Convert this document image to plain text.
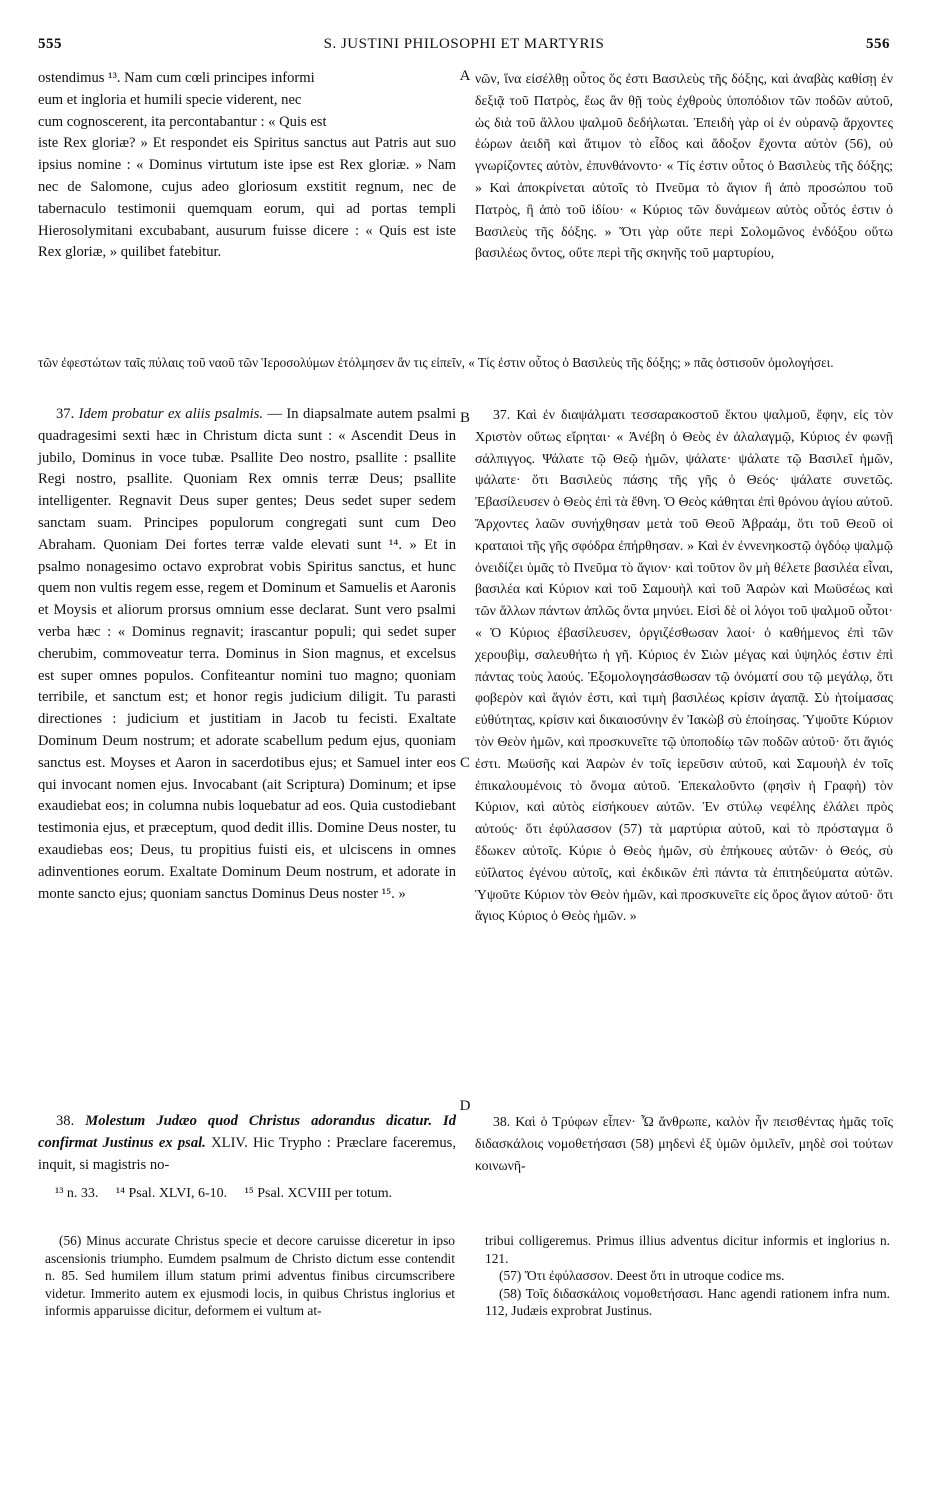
555	S. JUSTINI PHILOSOPHI ET MARTYRIS	556
ostendimus ¹³. Nam cum cœli principes informi
eum et ingloria et humili specie viderent, nec
cum cognoscerent, ita percontabantur : « Quis est

iste Rex gloriæ? » Et respondet eis Spiritus sanctus aut Patris aut suo ipsius nomine : « Dominus virtutum iste ipse est Rex gloriæ. » Nam nec de Salomone, cujus adeo gloriosum exstitit regnum, nec de tabernaculo testimonii quemquam eorum, qui ad portas templi Hierosolymitani excubabant, ausurum fuisse dicere : « Quis est iste Rex gloriæ, » quilibet fatebitur.

νῶν, ἵνα εἰσέλθῃ οὗτος ὅς ἐστι Βασιλεὺς τῆς δόξης, καὶ ἀναβὰς καθίσῃ ἐν δεξιᾷ τοῦ Πατρὸς, ἕως ἂν θῇ τοὺς ἐχθροὺς ὑποπόδιον τῶν ποδῶν αὐτοῦ, ὡς διὰ τοῦ ἄλλου ψαλμοῦ δεδήλωται. Ἐπειδὴ γὰρ οἱ ἐν οὐρανῷ ἄρχοντες ἑώρων ἀειδῆ καὶ ἄτιμον τὸ εἶδος καὶ ἄδοξον ἔχοντα αὐτὸν (56), οὐ γνωρίζοντες αὐτὸν, ἐπυνθάνοντο· « Τίς ἐστιν οὗτος ὁ Βασιλεὺς τῆς δόξης; » Καὶ ἀποκρίνεται αὐτοῖς τὸ Πνεῦμα τὸ ἅγιον ἢ ἀπὸ προσώπου τοῦ Πατρὸς, ἢ ἀπὸ τοῦ ἰδίου· « Κύριος τῶν δυνάμεων αὐτὸς οὗτός ἐστιν ὁ Βασιλεὺς τῆς δόξης. » Ὅτι γὰρ οὔτε περὶ Σολομῶνος ἐνδόξου οὕτω βασιλέως ὄντος, οὔτε περὶ τῆς σκηνῆς τοῦ μαρτυρίου,

A
τῶν ἐφεστώτων ταῖς πύλαις τοῦ ναοῦ τῶν Ἱεροσολύμων ἐτόλμησεν ἄν τις εἰπεῖν, « Τίς ἐστιν οὗτος ὁ Βασιλεὺς τῆς δόξης; » πᾶς ὁστισοῦν ὁμολογήσει.

37. Idem probatur ex aliis psalmis. — In diapsalmate autem psalmi quadragesimi sexti hæc in Christum dicta sunt : « Ascendit Deus in jubilo, Dominus in voce tubæ. Psallite Deo nostro, psallite : psallite Regi nostro, psallite. Quoniam Rex omnis terræ Deus; psallite intelligenter. Regnavit Deus super gentes; Deus sedet super sedem sanctam suam. Principes populorum congregati sunt cum Deo Abraham. Quoniam Dei fortes terræ valde elevati sunt ¹⁴. » Et in psalmo nonagesimo octavo exprobrat vobis Spiritus sanctus, et hunc quem non vultis regem esse, regem et Dominum et Samuelis et Aaronis et Moysis et aliorum prorsus omnium esse declarat. Sunt vero psalmi verba hæc : « Dominus regnavit; irascantur populi; qui sedet super cherubim, commoveatur terra. Dominus in Sion magnus, et excelsus est super omnes populos. Confiteantur nomini tuo magno; quoniam terribile, et sanctum est; et honor regis judicium diligit. Tu parasti directiones : judicium et justitiam in Jacob tu fecisti. Exaltate Dominum Deum nostrum; et adorate scabellum pedum ejus, quoniam sanctus est. Moyses et Aaron in sacerdotibus ejus; et Samuel inter eos qui invocant nomen ejus. Invocabant (ait Scriptura) Dominum; et ipse exaudiebat eos; in columna nubis loquebatur ad eos. Quia custodiebant testimonia ejus, et præceptum, quod dedit illis. Domine Deus noster, tu exaudiebas eos; Deus, tu propitius fuisti eis, et ulciscens in omnes adinventiones eorum. Exaltate Dominum Deum nostrum, et adorate in monte sancto ejus; quoniam sanctus Dominus Deus noster ¹⁵. »

37. Καὶ ἐν διαψάλματι τεσσαρακοστοῦ ἕκτου ψαλμοῦ, ἔφην, εἰς τὸν Χριστὸν οὕτως εἴρηται· « Ἀνέβη ὁ Θεὸς ἐν ἀλαλαγμῷ, Κύριος ἐν φωνῇ σάλπιγγος. Ψάλατε τῷ Θεῷ ἡμῶν, ψάλατε· ψάλατε τῷ Βασιλεῖ ἡμῶν, ψάλατε· ὅτι Βασιλεὺς πάσης τῆς γῆς ὁ Θεός· ψάλατε συνετῶς. Ἐβασίλευσεν ὁ Θεὸς ἐπὶ τὰ ἔθνη. Ὁ Θεὸς κάθηται ἐπὶ θρόνου ἁγίου αὐτοῦ. Ἄρχοντες λαῶν συνήχθησαν μετὰ τοῦ Θεοῦ Ἀβραάμ, ὅτι τοῦ Θεοῦ οἱ κραταιοὶ τῆς γῆς σφόδρα ἐπήρθησαν. » Καὶ ἐν ἐννενηκοστῷ ὀγδόῳ ψαλμῷ ὀνειδίζει ὑμᾶς τὸ Πνεῦμα τὸ ἅγιον· καὶ τοῦτον ὃν μὴ θέλετε βασιλέα εἶναι, βασιλέα καὶ Κύριον καὶ τοῦ Σαμουὴλ καὶ τοῦ Ἀαρὼν καὶ Μωϋσέως καὶ τῶν ἄλλων πάντων ἁπλῶς ὄντα μηνύει. Εἰσὶ δὲ οἱ λόγοι τοῦ ψαλμοῦ οὗτοι· « Ὁ Κύριος ἐβασίλευσεν, ὀργιζέσθωσαν λαοί· ὁ καθήμενος ἐπὶ τῶν χερουβὶμ, σαλευθήτω ἡ γῆ. Κύριος ἐν Σιὼν μέγας καὶ ὑψηλός ἐστιν ἐπὶ πάντας τοὺς λαούς. Ἐξομολογησάσθωσαν τῷ ὀνόματί σου τῷ μεγάλῳ, ὅτι φοβερὸν καὶ ἅγιόν ἐστι, καὶ τιμὴ βασιλέως κρίσιν ἀγαπᾷ. Σὺ ἡτοίμασας εὐθύτητας, κρίσιν καὶ δικαιοσύνην ἐν Ἰακὼβ σὺ ἐποίησας. Ὑψοῦτε Κύριον τὸν Θεὸν ἡμῶν, καὶ προσκυνεῖτε τῷ ὑποποδίῳ τῶν ποδῶν αὐτοῦ· ὅτι ἅγιός ἐστι. Μωϋσῆς καὶ Ἀαρὼν ἐν τοῖς ἱερεῦσιν αὐτοῦ, καὶ Σαμουὴλ ἐν τοῖς ἐπικαλουμένοις τὸ ὄνομα αὐτοῦ. Ἐπεκαλοῦντο (φησὶν ἡ Γραφὴ) τὸν Κύριον, καὶ αὐτὸς εἰσήκουεν αὐτῶν. Ἐν στύλῳ νεφέλης ἐλάλει πρὸς αὐτούς· ὅτι ἐφύλασσον (57) τὰ μαρτύρια αὐτοῦ, καὶ τὸ πρόσταγμα ὃ ἔδωκεν αὐτοῖς. Κύριε ὁ Θεὸς ἡμῶν, σὺ ἐπήκουες αὐτῶν· ὁ Θεός, σὺ εὐΐλατος ἐγένου αὐτοῖς, καὶ ἐκδικῶν ἐπὶ πάντα τὰ ἐπιτηδεύματα αὐτῶν. Ὑψοῦτε Κύριον τὸν Θεὸν ἡμῶν, καὶ προσκυνεῖτε εἰς ὄρος ἅγιον αὐτοῦ· ὅτι ἅγιος Κύριος ὁ Θεὸς ἡμῶν. »

B
C
D

38. Molestum Judæo quod Christus adorandus dicatur. Id confirmat Justinus ex psal. XLIV. Hic Trypho : Præclare faceremus, inquit, si magistris no-

38. Καὶ ὁ Τρύφων εἶπεν· Ὦ ἄνθρωπε, καλὸν ἦν πεισθέντας ἡμᾶς τοῖς διδασκάλοις νομοθετήσασι (58) μηδενὶ ἐξ ὑμῶν ὁμιλεῖν, μηδὲ σοὶ τούτων κοινωνῆ-

¹³ n. 33. ¹⁴ Psal. XLVI, 6-10. ¹⁵ Psal. XCVIII per totum.

(56) Minus accurate Christus specie et decore caruisse diceretur in ipso ascensionis triumpho. Eumdem psalmum de Christo dictum esse contendit n. 85. Sed humilem illum statum primi adventus finibus circumscribere videtur. Immerito autem ex ejusmodi locis, in quibus Christus inglorius et informis apparuisse dicitur, deformem ei vultum at-

tribui colligeremus. Primus illius adventus dicitur informis et inglorius n. 121.

(57) Ὅτι ἐφύλασσον. Deest ὅτι in utroque codice ms.

(58) Τοῖς διδασκάλοις νομοθετήσασι. Hanc agendi rationem infra num. 112, Judæis exprobrat Justinus.
